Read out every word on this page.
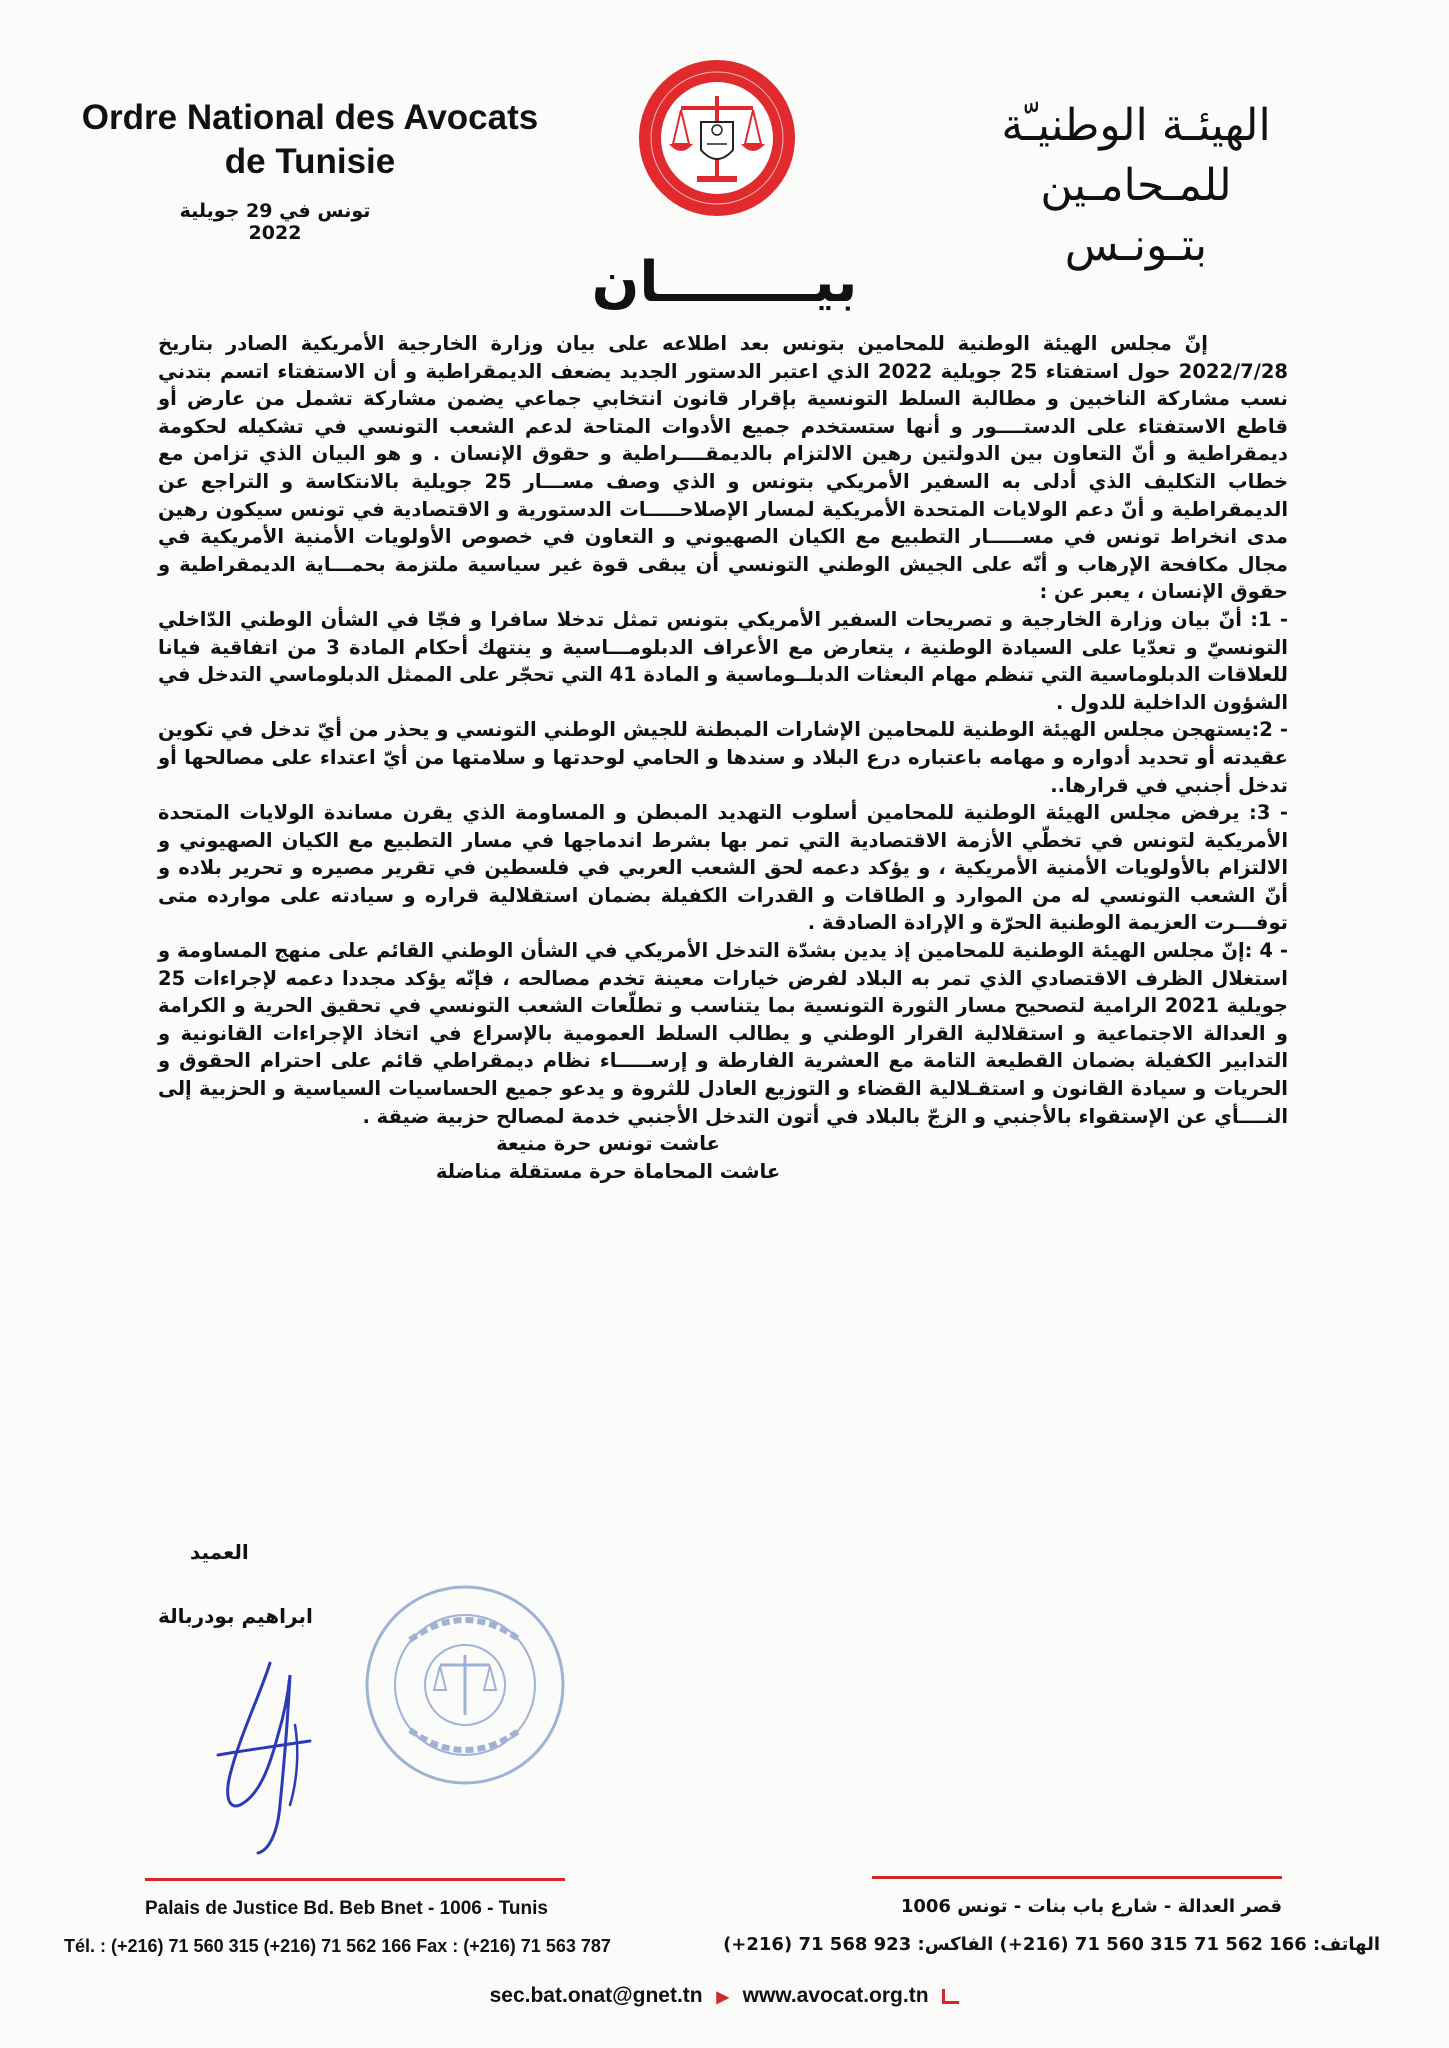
Ordre National des Avocats
de Tunisie
تونس في 29 جويلية 2022
الهيئـة الوطنيـّة للمـحامـين
بتـونـس
بيــــــــان

إنّ مجلس الهيئة الوطنية للمحامين بتونس بعد اطلاعه على بيان وزارة الخارجية الأمريكية الصادر بتاريخ 2022/7/28 حول استفتاء 25 جويلية 2022 الذي اعتبر الدستور الجديد يضعف الديمقراطية و أن الاستفتاء اتسم بتدني نسب مشاركة الناخبين و مطالبة السلط التونسية بإقرار قانون انتخابي جماعي يضمن مشاركة تشمل من عارض أو قاطع الاستفتاء على الدستــــور و أنها ستستخدم جميع الأدوات المتاحة لدعم الشعب التونسي في تشكيله لحكومة ديمقراطية و أنّ التعاون بين الدولتين رهين الالتزام بالديمقــــراطية و حقوق الإنسان . و هو البيان الذي تزامن مع خطاب التكليف الذي أدلى به السفير الأمريكي بتونس و الذي وصف مســـار 25 جويلية بالانتكاسة و التراجع عن الديمقراطية و أنّ دعم الولايات المتحدة الأمريكية لمسار الإصلاحـــــات الدستورية و الاقتصادية في تونس سيكون رهين مدى انخراط تونس في مســـــار التطبيع مع الكيان الصهيوني و التعاون في خصوص الأولويات الأمنية الأمريكية في مجال مكافحة الإرهاب و أنّه على الجيش الوطني التونسي أن يبقى قوة غير سياسية ملتزمة بحمـــاية الديمقراطية و حقوق الإنسان ، يعبر عن :

- 1: أنّ بيان وزارة الخارجية و تصريحات السفير الأمريكي بتونس تمثل تدخلا سافرا و فجّا في الشأن الوطني الدّاخلي التونسيّ و تعدّيا على السيادة الوطنية ، يتعارض مع الأعراف الدبلومـــاسية و ينتهك أحكام المادة 3 من اتفاقية فيانا للعلاقات الدبلوماسية التي تنظم مهام البعثات الدبلــوماسية و المادة 41 التي تحجّر على الممثل الدبلوماسي التدخل في الشؤون الداخلية للدول .

- 2:يستهجن مجلس الهيئة الوطنية للمحامين الإشارات المبطنة للجيش الوطني التونسي و يحذر من أيّ تدخل في تكوين عقيدته أو تحديد أدواره و مهامه باعتباره درع البلاد و سندها و الحامي لوحدتها و سلامتها من أيّ اعتداء على مصالحها أو تدخل أجنبي في قرارها..

- 3: يرفض مجلس الهيئة الوطنية للمحامين أسلوب التهديد المبطن و المساومة الذي يقرن مساندة الولايات المتحدة الأمريكية لتونس في تخطّي الأزمة الاقتصادية التي تمر بها بشرط اندماجها في مسار التطبيع مع الكيان الصهيوني و الالتزام بالأولويات الأمنية الأمريكية ، و يؤكد دعمه لحق الشعب العربي في فلسطين في تقرير مصيره و تحرير بلاده و أنّ الشعب التونسي له من الموارد و الطاقات و القدرات الكفيلة بضمان استقلالية قراره و سيادته على موارده متى توفـــرت العزيمة الوطنية الحرّة و الإرادة الصادقة .

- 4 :إنّ مجلس الهيئة الوطنية للمحامين إذ يدين بشدّة التدخل الأمريكي في الشأن الوطني القائم على منهج المساومة و استغلال الظرف الاقتصادي الذي تمر به البلاد لفرض خيارات معينة تخدم مصالحه ، فإنّه يؤكد مجددا دعمه لإجراءات 25 جويلية 2021 الرامية لتصحيح مسار الثورة التونسية بما يتناسب و تطلّعات الشعب التونسي في تحقيق الحرية و الكرامة و العدالة الاجتماعية و استقلالية القرار الوطني و يطالب السلط العمومية بالإسراع في اتخاذ الإجراءات القانونية و التدابير الكفيلة بضمان القطيعة التامة مع العشرية الفارطة و إرســـــاء نظام ديمقراطي قائم على احترام الحقوق و الحريات و سيادة القانون و استقـلالية القضاء و التوزيع العادل للثروة و يدعو جميع الحساسيات السياسية و الحزبية إلى النــــأي عن الإستقواء بالأجنبي و الزجّ بالبلاد في أتون التدخل الأجنبي خدمة لمصالح حزبية ضيقة .

عاشت تونس حرة منيعة

عاشت المحاماة حرة مستقلة مناضلة

العميد
ابراهيم بودربالة
Palais de Justice Bd. Beb Bnet - 1006 - Tunis	قصر العدالة - شارع باب بنات - تونس 1006
Tél. : (+216) 71 560 315 (+216) 71 562 166 Fax : (+216) 71 563 787	الهاتف: 166 562 71 315 560 71 (216+) الفاكس: 923 568 71 (216+)
sec.bat.onat@gnet.tn ▶ www.avocat.org.tn
